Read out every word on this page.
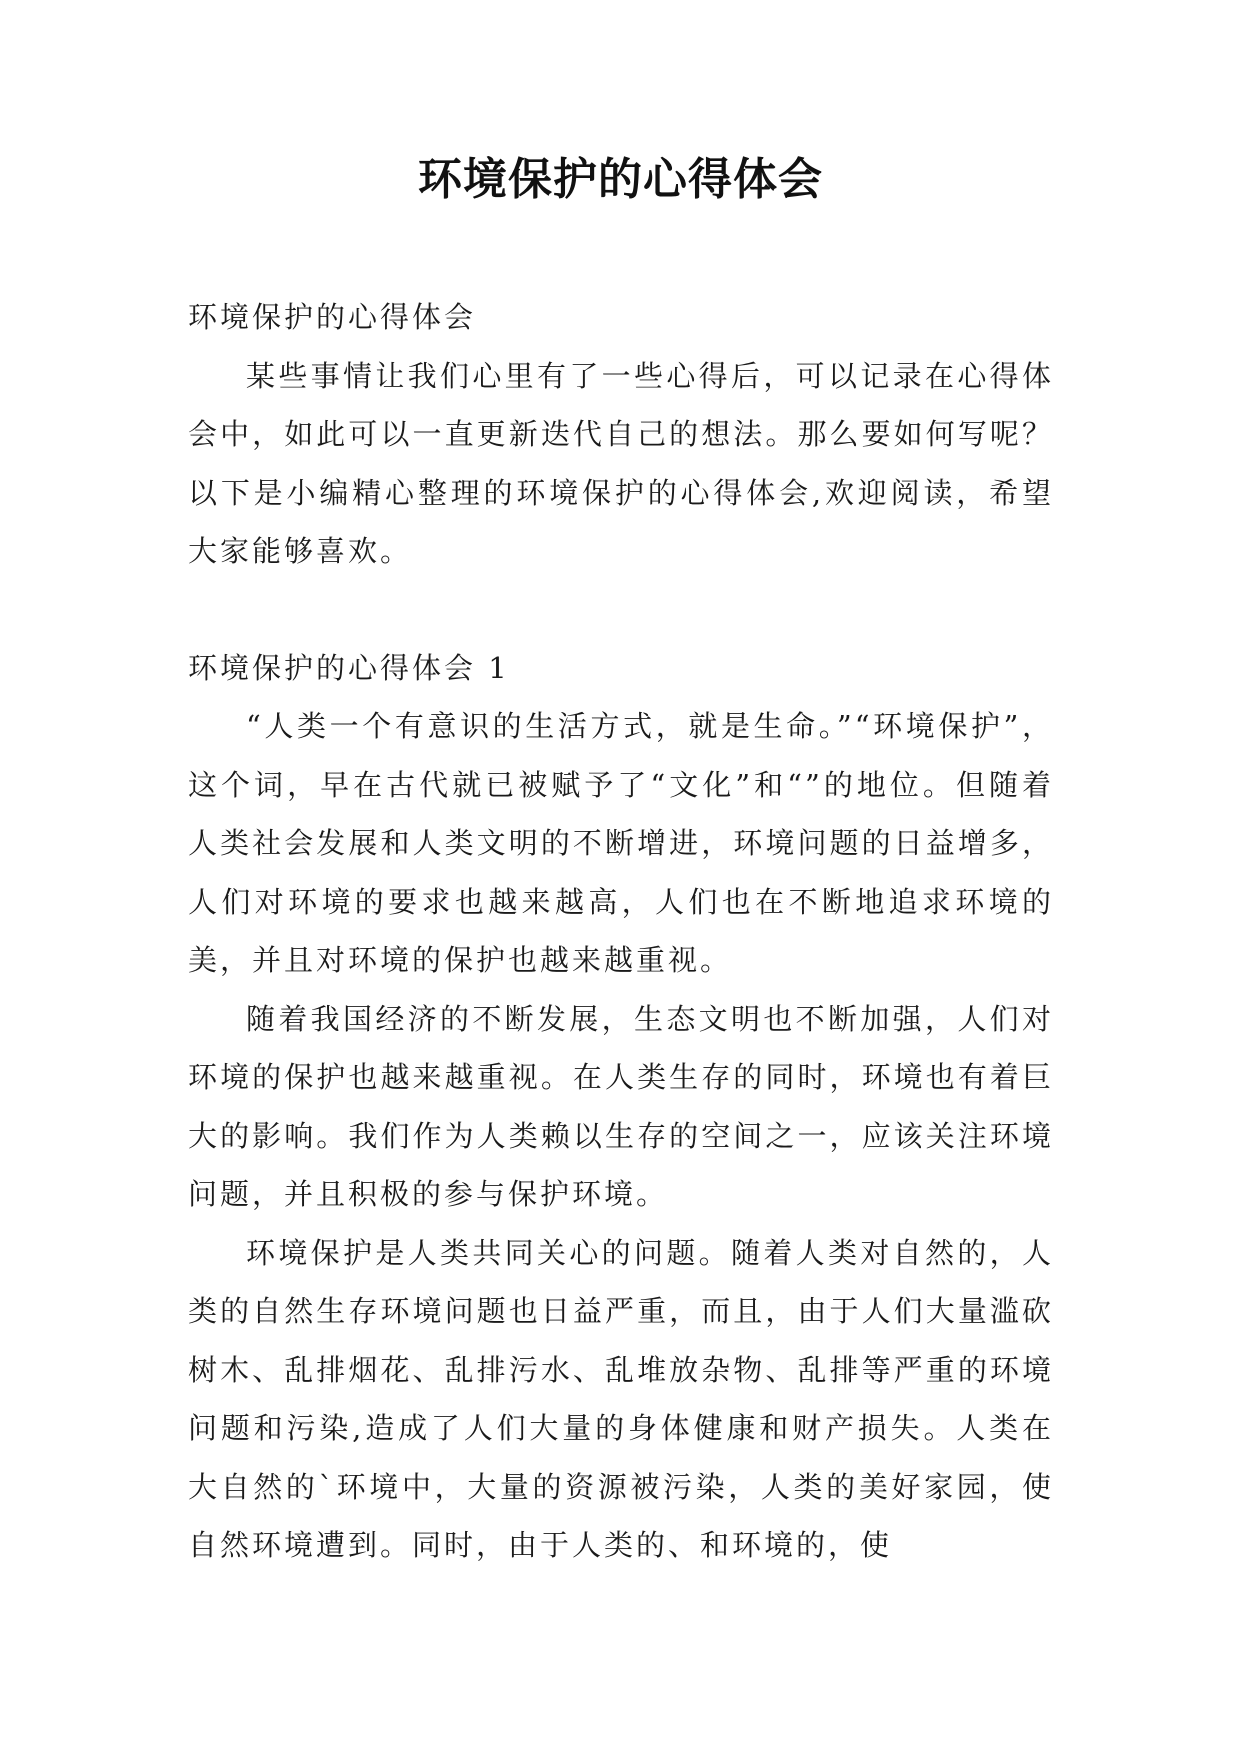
环境保护的心得体会

环境保护的心得体会

某些事情让我们心里有了一些心得后，可以记录在心得体会中，如此可以一直更新迭代自己的想法。那么要如何写呢？以下是小编精心整理的环境保护的心得体会,欢迎阅读，希望大家能够喜欢。

环境保护的心得体会 1

“人类一个有意识的生活方式，就是生命。”“环境保护”，这个词，早在古代就已被赋予了“文化”和“”的地位。但随着人类社会发展和人类文明的不断增进，环境问题的日益增多，人们对环境的要求也越来越高，人们也在不断地追求环境的美，并且对环境的保护也越来越重视。

随着我国经济的不断发展，生态文明也不断加强，人们对环境的保护也越来越重视。在人类生存的同时，环境也有着巨大的影响。我们作为人类赖以生存的空间之一，应该关注环境问题，并且积极的参与保护环境。

环境保护是人类共同关心的问题。随着人类对自然的，人类的自然生存环境问题也日益严重，而且，由于人们大量滥砍树木、乱排烟花、乱排污水、乱堆放杂物、乱排等严重的环境问题和污染,造成了人们大量的身体健康和财产损失。人类在大自然的`环境中，大量的资源被污染，人类的美好家园，使自然环境遭到。同时，由于人类的、和环境的，使
